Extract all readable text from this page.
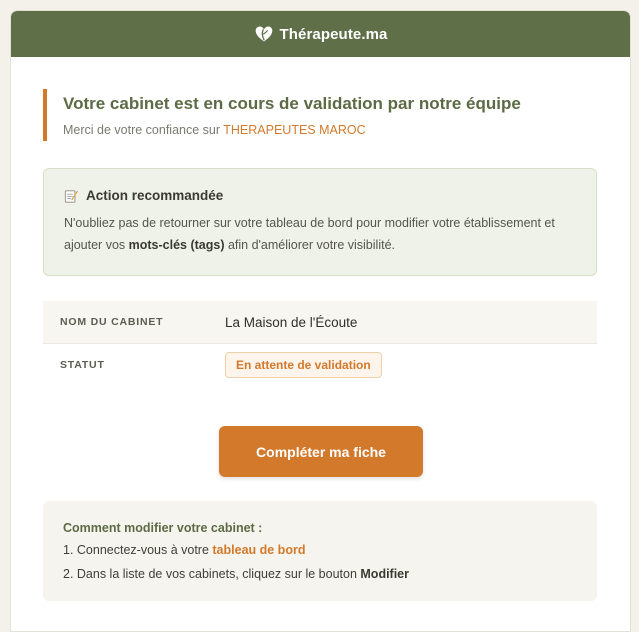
Thérapeute.ma
Votre cabinet est en cours de validation par notre équipe
Merci de votre confiance sur THERAPEUTES MAROC
Action recommandée
N'oubliez pas de retourner sur votre tableau de bord pour modifier votre établissement et ajouter vos mots-clés (tags) afin d'améliorer votre visibilité.
NOM DU CABINET	La Maison de l'Écoute
STATUT	En attente de validation
Compléter ma fiche
Comment modifier votre cabinet :
1. Connectez-vous à votre tableau de bord
2. Dans la liste de vos cabinets, cliquez sur le bouton Modifier
